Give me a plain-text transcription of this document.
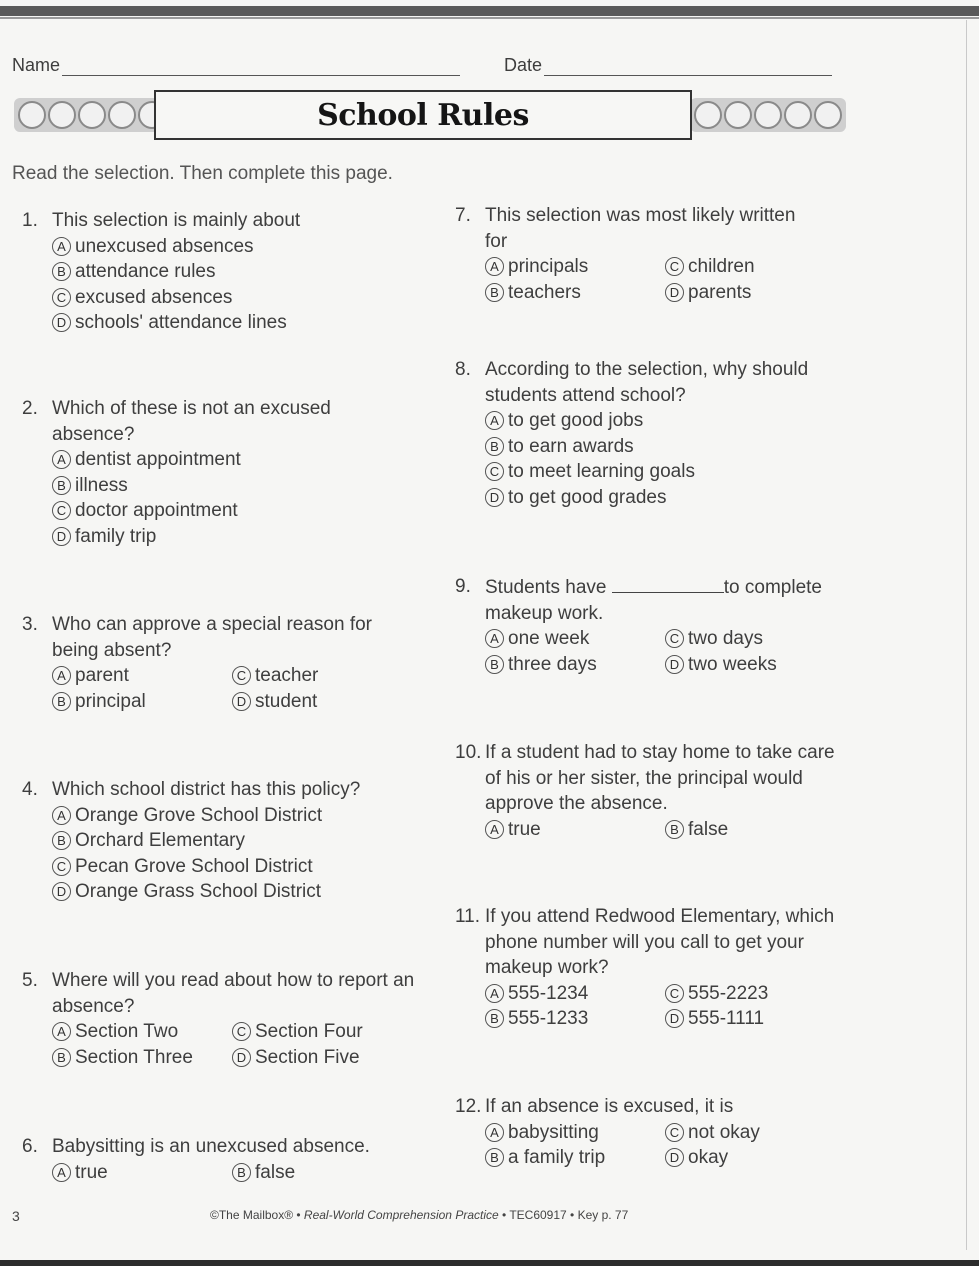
Name	Date
School Rules
Read the selection. Then complete this page.
1. This selection is mainly about
A unexcused absences
B attendance rules
C excused absences
D schools' attendance lines
2. Which of these is not an excused absence?
A dentist appointment
B illness
C doctor appointment
D family trip
3. Who can approve a special reason for being absent?
A parent	C teacher
B principal	D student
4. Which school district has this policy?
A Orange Grove School District
B Orchard Elementary
C Pecan Grove School District
D Orange Grass School District
5. Where will you read about how to report an absence?
A Section Two	C Section Four
B Section Three	D Section Five
6. Babysitting is an unexcused absence.
A true	B false
7. This selection was most likely written for
A principals	C children
B teachers	D parents
8. According to the selection, why should students attend school?
A to get good jobs
B to earn awards
C to meet learning goals
D to get good grades
9. Students have	to complete makeup work.
A one week	C two days
B three days	D two weeks
10. If a student had to stay home to take care of his or her sister, the principal would approve the absence.
A true	B false
11. If you attend Redwood Elementary, which phone number will you call to get your makeup work?
A 555-1234	C 555-2223
B 555-1233	D 555-1111
12. If an absence is excused, it is
A babysitting	C not okay
B a family trip	D okay
3	©The Mailbox® • Real-World Comprehension Practice • TEC60917 • Key p. 77
